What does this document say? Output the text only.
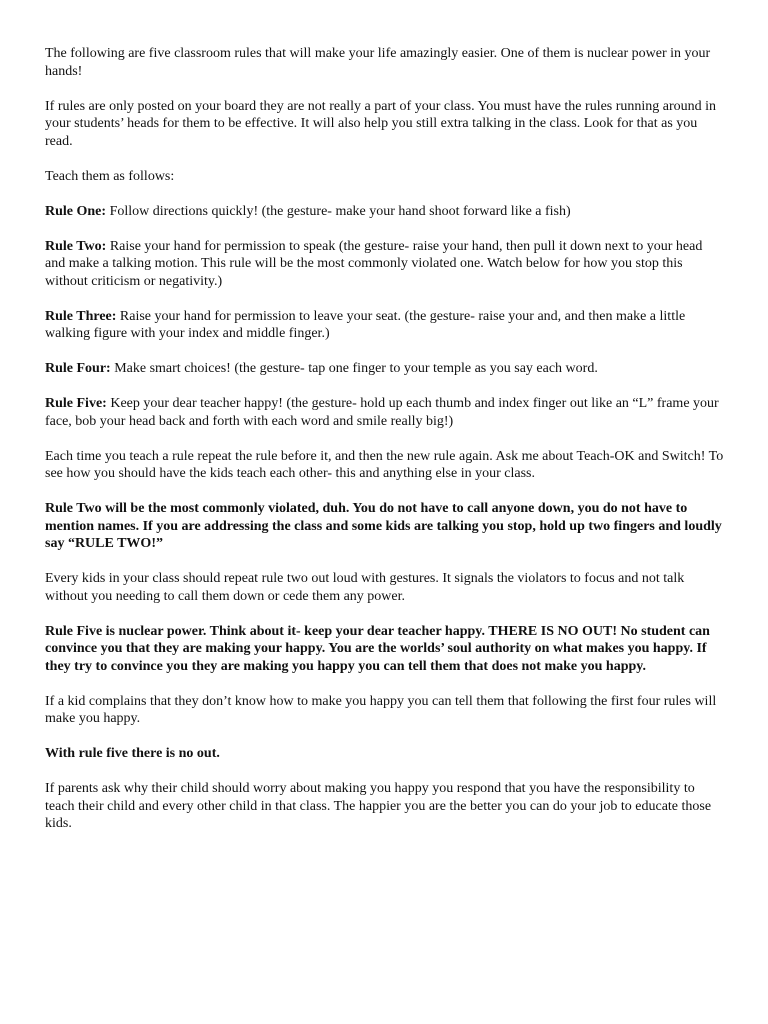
The following are five classroom rules that will make your life amazingly easier. One of them is nuclear power in your hands!

If rules are only posted on your board they are not really a part of your class. You must have the rules running around in your students’ heads for them to be effective. It will also help you still extra talking in the class. Look for that as you read.

Teach them as follows:

Rule One: Follow directions quickly! (the gesture- make your hand shoot forward like a fish)

Rule Two: Raise your hand for permission to speak (the gesture- raise your hand, then pull it down next to your head and make a talking motion. This rule will be the most commonly violated one. Watch below for how you stop this without criticism or negativity.)

Rule Three: Raise your hand for permission to leave your seat. (the gesture- raise your and, and then make a little walking figure with your index and middle finger.)

Rule Four: Make smart choices! (the gesture- tap one finger to your temple as you say each word.

Rule Five: Keep your dear teacher happy! (the gesture- hold up each thumb and index finger out like an “L” frame your face, bob your head back and forth with each word and smile really big!)

Each time you teach a rule repeat the rule before it, and then the new rule again. Ask me about Teach-OK and Switch! To see how you should have the kids teach each other- this and anything else in your class.

Rule Two will be the most commonly violated, duh. You do not have to call anyone down, you do not have to mention names. If you are addressing the class and some kids are talking you stop, hold up two fingers and loudly say “RULE TWO!”

Every kids in your class should repeat rule two out loud with gestures. It signals the violators to focus and not talk without you needing to call them down or cede them any power.

Rule Five is nuclear power. Think about it- keep your dear teacher happy. THERE IS NO OUT! No student can convince you that they are making your happy. You are the worlds’ soul authority on what makes you happy. If they try to convince you they are making you happy you can tell them that does not make you happy.

If a kid complains that they don’t know how to make you happy you can tell them that following the first four rules will make you happy.

With rule five there is no out.

If parents ask why their child should worry about making you happy you respond that you have the responsibility to teach their child and every other child in that class. The happier you are the better you can do your job to educate those kids.
